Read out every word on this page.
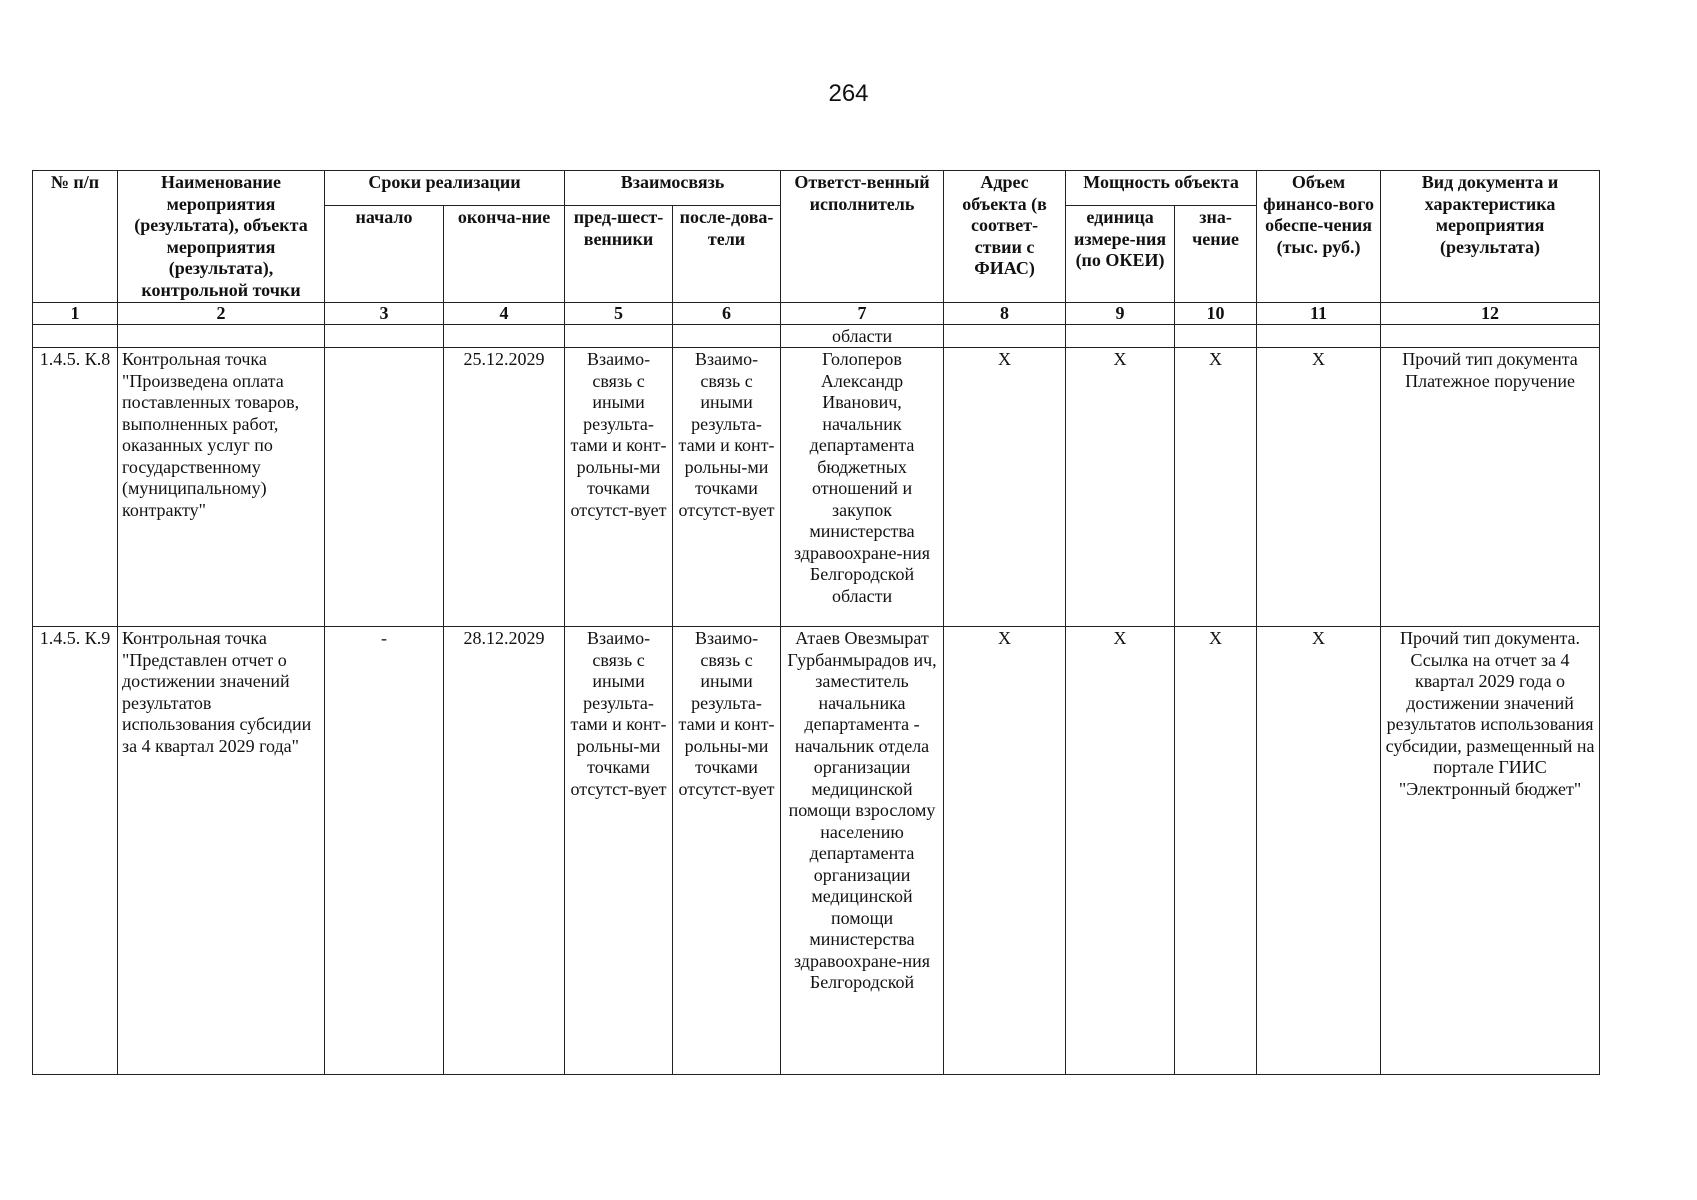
264
№ п/п	Наименование мероприятия (результата), объекта мероприятия (результата), контрольной точки	Сроки реализации		Взаимосвязь		Ответст-венный исполнитель	Адрес объекта (в соответ-ствии с ФИАС)	Мощность объекта		Объем финансо-вого обеспе-чения (тыс. руб.)	Вид документа и характеристика мероприятия (результата)
		начало	оконча-ние	пред-шест-венники	после-дова-тели			единица измере-ния (по ОКЕИ)	зна-чение		
1	2	3	4	5	6	7	8	9	10	11	12
						области					
1.4.5. К.8	Контрольная точка "Произведена оплата поставленных товаров, выполненных работ, оказанных услуг по государственному (муниципальному) контракту"		25.12.2029	Взаимо-связь с иными результа-тами и конт-рольны-ми точками отсутст-вует	Взаимо-связь с иными результа-тами и конт-рольны-ми точками отсутст-вует	Голоперов Александр Иванович, начальник департамента бюджетных отношений и закупок министерства здравоохране-ния Белгородской области	X	X	X	X	Прочий тип документа Платежное поручение
1.4.5. К.9	Контрольная точка "Представлен отчет о достижении значений результатов использования субсидии за 4 квартал 2029 года"	-	28.12.2029	Взаимо-связь с иными результа-тами и конт-рольны-ми точками отсутст-вует	Взаимо-связь с иными результа-тами и конт-рольны-ми точками отсутст-вует	Атаев Овезмырат Гурбанмырадов ич, заместитель начальника департамента - начальник отдела организации медицинской помощи взрослому населению департамента организации медицинской помощи министерства здравоохране-ния Белгородской	X	X	X	X	Прочий тип документа. Ссылка на отчет за 4 квартал 2029 года о достижении значений результатов использования субсидии, размещенный на портале ГИИС "Электронный бюджет"
